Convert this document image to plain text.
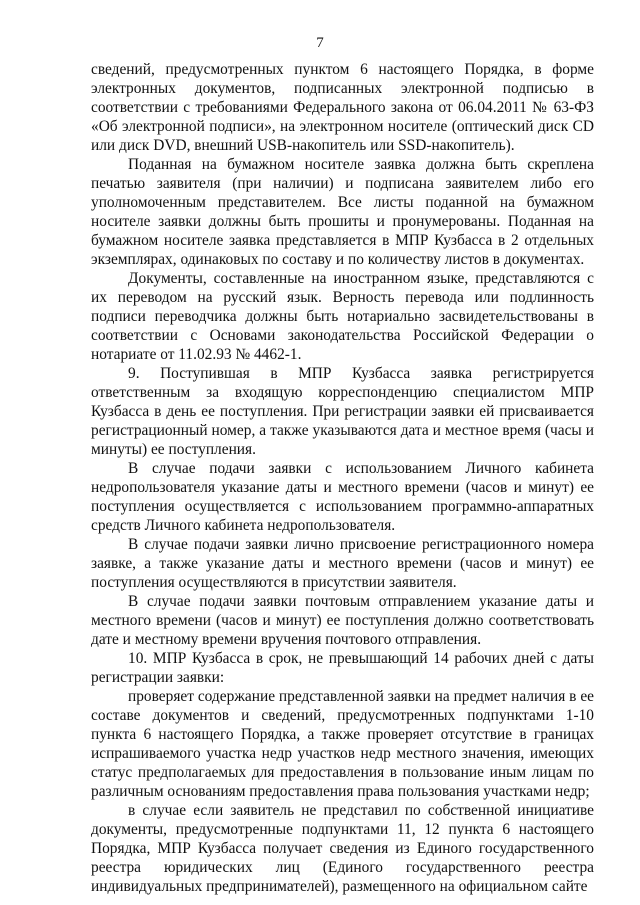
7

сведений, предусмотренных пунктом 6 настоящего Порядка, в форме электронных документов, подписанных электронной подписью в соответствии с требованиями Федерального закона от 06.04.2011 № 63-ФЗ «Об электронной подписи», на электронном носителе (оптический диск CD или диск DVD, внешний USB-накопитель или SSD-накопитель).

Поданная на бумажном носителе заявка должна быть скреплена печатью заявителя (при наличии) и подписана заявителем либо его уполномоченным представителем. Все листы поданной на бумажном носителе заявки должны быть прошиты и пронумерованы. Поданная на бумажном носителе заявка представляется в МПР Кузбасса в 2 отдельных экземплярах, одинаковых по составу и по количеству листов в документах.

Документы, составленные на иностранном языке, представляются с их переводом на русский язык. Верность перевода или подлинность подписи переводчика должны быть нотариально засвидетельствованы в соответствии с Основами законодательства Российской Федерации о нотариате от 11.02.93 № 4462-1.

9. Поступившая в МПР Кузбасса заявка регистрируется ответственным за входящую корреспонденцию специалистом МПР Кузбасса в день ее поступления. При регистрации заявки ей присваивается регистрационный номер, а также указываются дата и местное время (часы и минуты) ее поступления.

В случае подачи заявки с использованием Личного кабинета недропользователя указание даты и местного времени (часов и минут) ее поступления осуществляется с использованием программно-аппаратных средств Личного кабинета недропользователя.

В случае подачи заявки лично присвоение регистрационного номера заявке, а также указание даты и местного времени (часов и минут) ее поступления осуществляются в присутствии заявителя.

В случае подачи заявки почтовым отправлением указание даты и местного времени (часов и минут) ее поступления должно соответствовать дате и местному времени вручения почтового отправления.

10. МПР Кузбасса в срок, не превышающий 14 рабочих дней с даты регистрации заявки:

проверяет содержание представленной заявки на предмет наличия в ее составе документов и сведений, предусмотренных подпунктами 1-10 пункта 6 настоящего Порядка, а также проверяет отсутствие в границах испрашиваемого участка недр участков недр местного значения, имеющих статус предполагаемых для предоставления в пользование иным лицам по различным основаниям предоставления права пользования участками недр;

в случае если заявитель не представил по собственной инициативе документы, предусмотренные подпунктами 11, 12 пункта 6 настоящего Порядка, МПР Кузбасса получает сведения из Единого государственного реестра юридических лиц (Единого государственного реестра индивидуальных предпринимателей), размещенного на официальном сайте
